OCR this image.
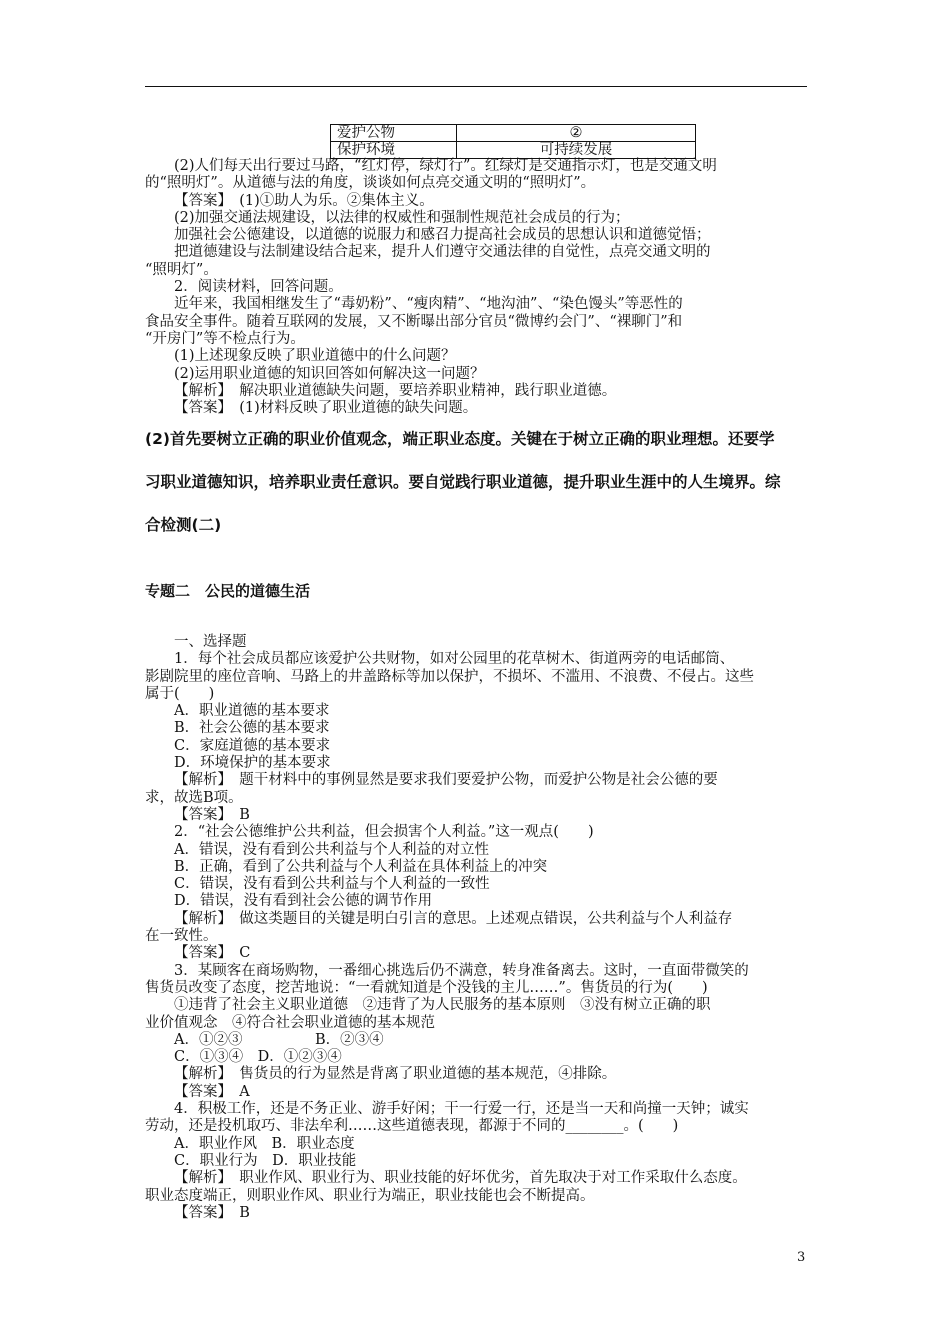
爱护公物	②
保护环境	可持续发展

(2)人们每天出行要过马路，“红灯停，绿灯行”。红绿灯是交通指示灯，也是交通文明

的“照明灯”。从道德与法的角度，谈谈如何点亮交通文明的“照明灯”。

【答案】　(1)①助人为乐。②集体主义。

(2)加强交通法规建设，以法律的权威性和强制性规范社会成员的行为；

加强社会公德建设，以道德的说服力和感召力提高社会成员的思想认识和道德觉悟；

把道德建设与法制建设结合起来，提升人们遵守交通法律的自觉性，点亮交通文明的

“照明灯”。

2．阅读材料，回答问题。

近年来，我国相继发生了“毒奶粉”、“瘦肉精”、“地沟油”、“染色馒头”等恶性的

食品安全事件。随着互联网的发展，又不断曝出部分官员“微博约会门”、“裸聊门”和

“开房门”等不检点行为。

(1)上述现象反映了职业道德中的什么问题？

(2)运用职业道德的知识回答如何解决这一问题？

【解析】　解决职业道德缺失问题，要培养职业精神，践行职业道德。

【答案】　(1)材料反映了职业道德的缺失问题。

(2)首先要树立正确的职业价值观念，端正职业态度。关键在于树立正确的职业理想。还要学

习职业道德知识，培养职业责任意识。要自觉践行职业道德，提升职业生涯中的人生境界。综

合检测(二)

专题二　公民的道德生活

一、选择题

1．每个社会成员都应该爱护公共财物，如对公园里的花草树木、街道两旁的电话邮筒、

影剧院里的座位音响、马路上的井盖路标等加以保护，不损坏、不滥用、不浪费、不侵占。这些

属于(　　)

A．职业道德的基本要求

B．社会公德的基本要求

C．家庭道德的基本要求

D．环境保护的基本要求

【解析】　题干材料中的事例显然是要求我们要爱护公物，而爱护公物是社会公德的要

求，故选B项。

【答案】　B

2．“社会公德维护公共利益，但会损害个人利益。”这一观点(　　)

A．错误，没有看到公共利益与个人利益的对立性

B．正确，看到了公共利益与个人利益在具体利益上的冲突

C．错误，没有看到公共利益与个人利益的一致性

D．错误，没有看到社会公德的调节作用

【解析】　做这类题目的关键是明白引言的意思。上述观点错误，公共利益与个人利益存

在一致性。

【答案】　C

3．某顾客在商场购物，一番细心挑选后仍不满意，转身准备离去。这时，一直面带微笑的

售货员改变了态度，挖苦地说：“一看就知道是个没钱的主儿……”。售货员的行为(　　)

①违背了社会主义职业道德　②违背了为人民服务的基本原则　③没有树立正确的职

业价值观念　④符合社会职业道德的基本规范

A．①②③　　　　　B．②③④

C．①③④　D．①②③④

【解析】　售货员的行为显然是背离了职业道德的基本规范，④排除。

【答案】　A

4．积极工作，还是不务正业、游手好闲；干一行爱一行，还是当一天和尚撞一天钟；诚实

劳动，还是投机取巧、非法牟利……这些道德表现，都源于不同的________。(　　)

A．职业作风　B．职业态度

C．职业行为　D．职业技能

【解析】　职业作风、职业行为、职业技能的好坏优劣，首先取决于对工作采取什么态度。

职业态度端正，则职业作风、职业行为端正，职业技能也会不断提高。

【答案】　B

3
